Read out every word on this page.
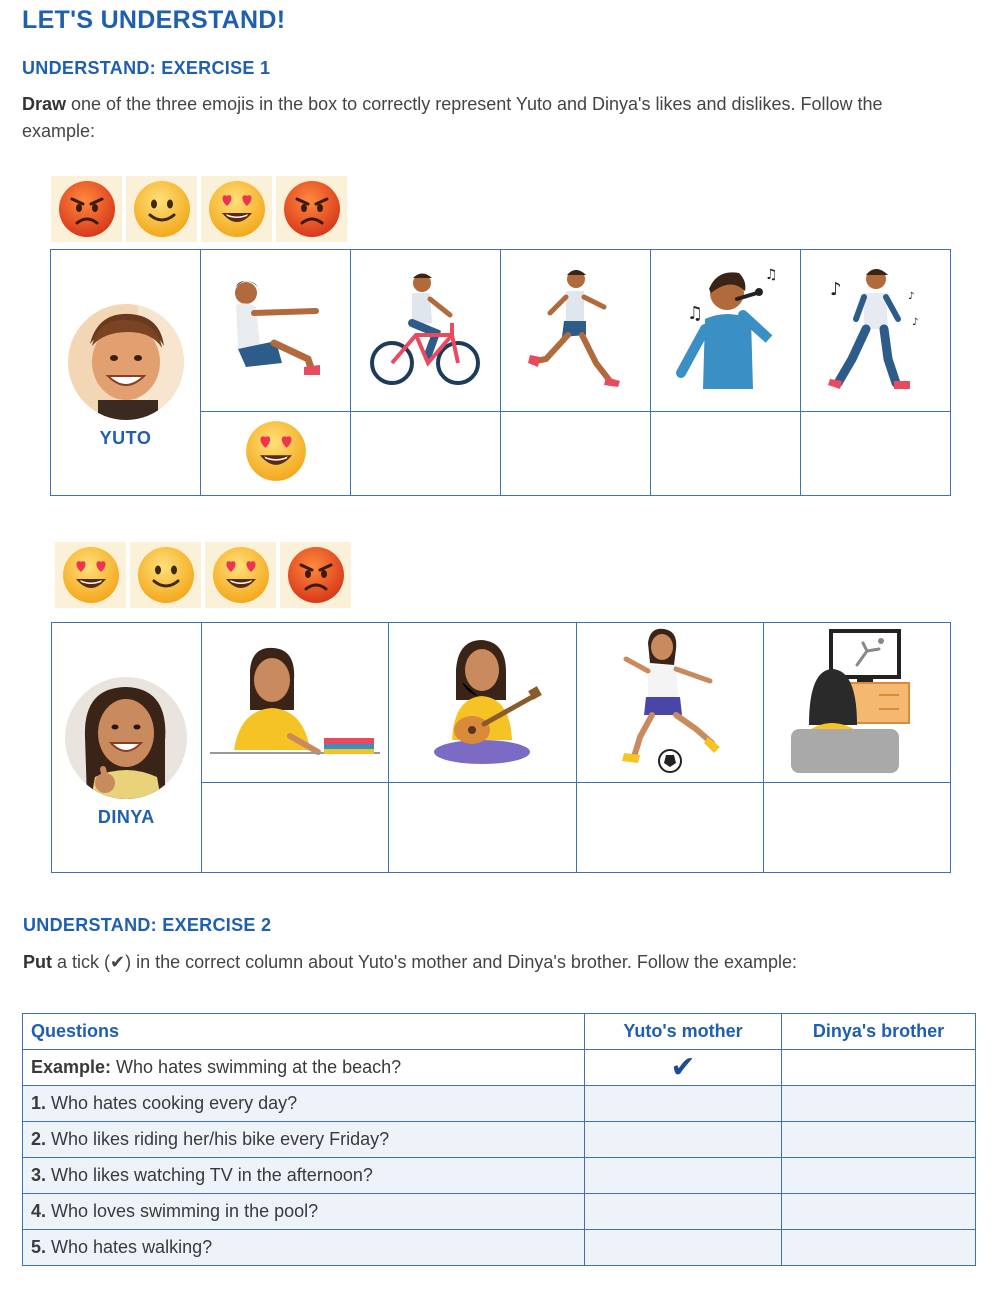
LET'S UNDERSTAND!
UNDERSTAND: EXERCISE 1
Draw one of the three emojis in the box to correctly represent Yuto and Dinya's likes and dislikes. Follow the example:
YUTO				♫
♫	♪ ♪
♪

DINYA

UNDERSTAND: EXERCISE 2
Put a tick (✔) in the correct column about Yuto's mother and Dinya's brother. Follow the example:
Questions	Yuto's mother	Dinya's brother
Example: Who hates swimming at the beach?	✔	
1. Who hates cooking every day?		
2. Who likes riding her/his bike every Friday?		
3. Who likes watching TV in the afternoon?		
4. Who loves swimming in the pool?		
5. Who hates walking?		
